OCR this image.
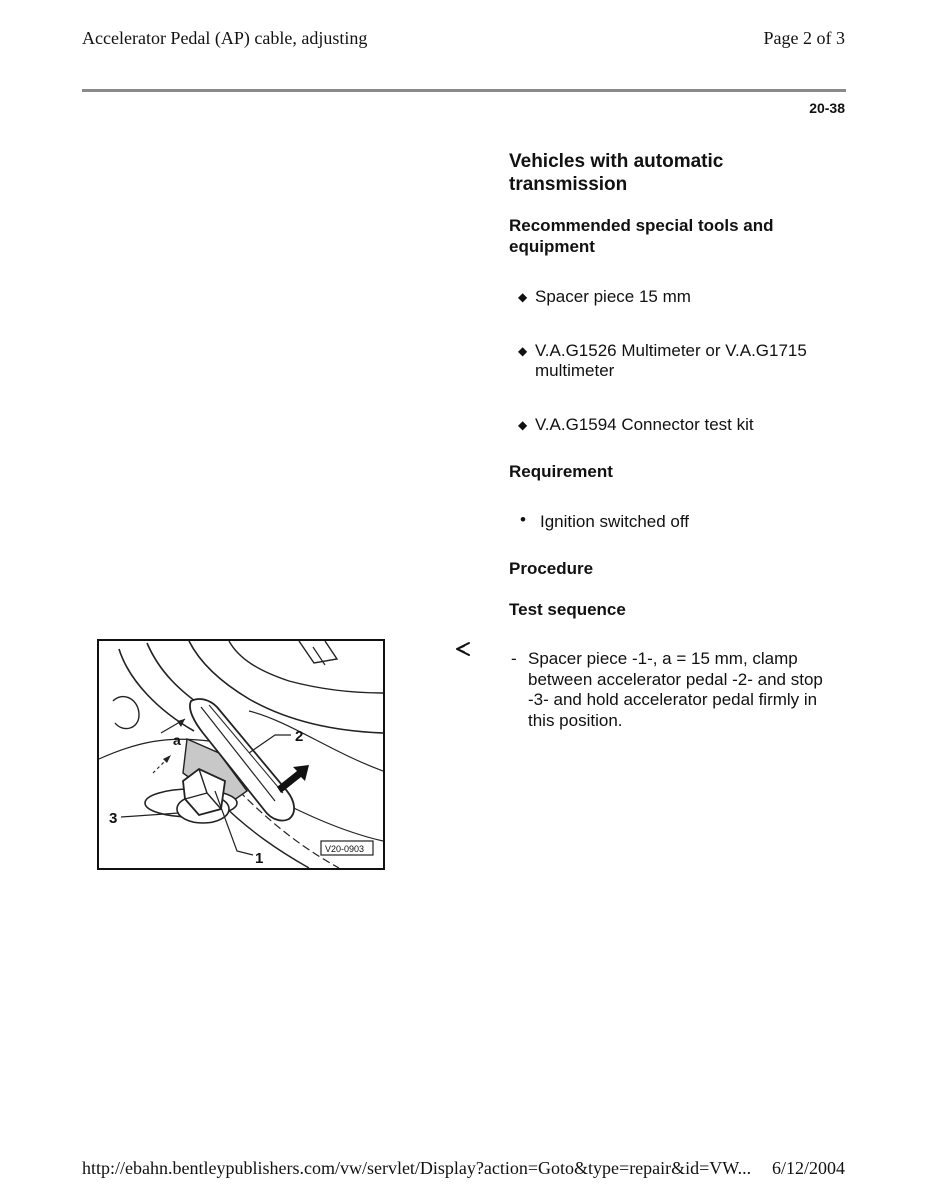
Accelerator Pedal (AP) cable, adjusting	Page 2 of 3
20-38
Vehicles with automatic transmission
Recommended special tools and equipment
◆ Spacer piece 15 mm
◆ V.A.G1526 Multimeter or V.A.G1715 multimeter
◆ V.A.G1594 Connector test kit
Requirement
• Ignition switched off
Procedure
Test sequence
- Spacer piece -1-, a = 15 mm, clamp between accelerator pedal -2- and stop -3- and hold accelerator pedal firmly in this position.
2
3
1
a
V20-0903
http://ebahn.bentleypublishers.com/vw/servlet/Display?action=Goto&type=repair&id=VW... 6/12/2004
